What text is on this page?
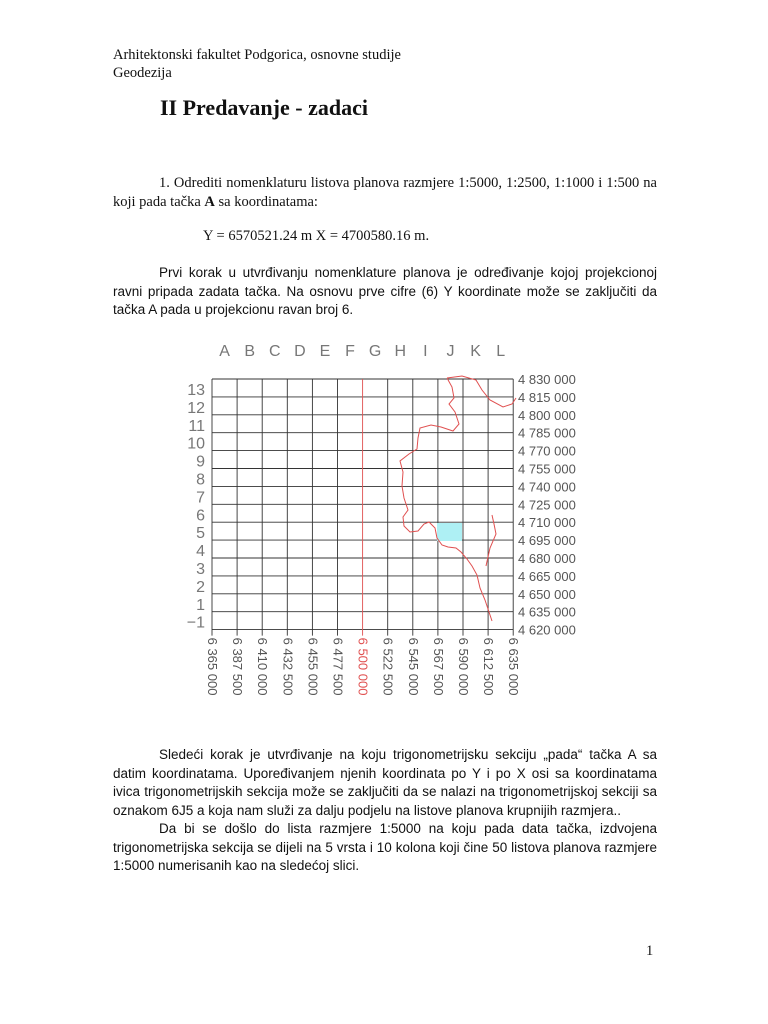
Arhitektonski fakultet Podgorica, osnovne studije
Geodezija
II Predavanje - zadaci
1. Odrediti nomenklaturu listova planova razmjere 1:5000, 1:2500, 1:1000 i 1:500 na koji pada tačka A sa koordinatama:
Y = 6570521.24 m X = 4700580.16 m.
Prvi korak u utvrđivanju nomenklature planova je određivanje kojoj projekcionoj ravni pripada zadata tačka. Na osnovu prve cifre (6) Y koordinate može se zaključiti da tačka A pada u projekcionu ravan broj 6.
A B C D E F G H I J K L
13
12
11
10
9
8
7
6
5
4
3
2
1
−1
4 830 000
4 815 000
4 800 000
4 785 000
4 770 000
4 755 000
4 740 000
4 725 000
4 710 000
4 695 000
4 680 000
4 665 000
4 650 000
4 635 000
4 620 000
6 365 000 6 387 500 6 410 000 6 432 500 6 455 000 6 477 500 6 500 000 6 522 500 6 545 000 6 567 500 6 590 000 6 612 500 6 635 000
Sledeći korak je utvrđivanje na koju trigonometrijsku sekciju „pada“ tačka A sa datim koordinatama. Upoređivanjem njenih koordinata po Y i po X osi sa koordinatama ivica trigonometrijskih sekcija može se zaključiti da se nalazi na trigonometrijskoj sekciji sa oznakom 6J5 a koja nam služi za dalju podjelu na listove planova krupnijih razmjera..
Da bi se došlo do lista razmjere 1:5000 na koju pada data tačka, izdvojena trigonometrijska sekcija se dijeli na 5 vrsta i 10 kolona koji čine 50 listova planova razmjere 1:5000 numerisanih kao na sledećoj slici.
1
